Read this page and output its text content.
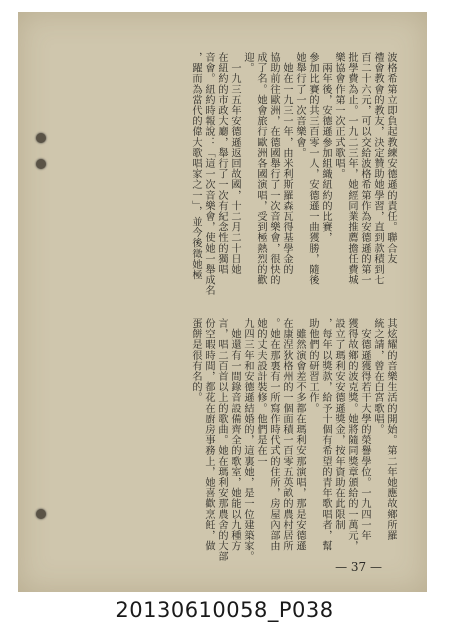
波格希第立即負起教練安德遜的責任。聯合友
禮會教會的教友，決定贊助她學習，直到款積到七
百二十六元，可以交給波格希第作為安德遜的第一
批學費為止。一九二三年，她經同業推薦擔任費城
樂協會作第一次正式歌唱。
　兩年後，安德遜參加組織紐約的比賽，
參加比賽的共三百零一人，安德遜一曲獲勝，隨後
她舉行了一次音樂會。
　她在一九三一年，由米利斯羅森瓦得基學金的
協助前往歐洲，在德國舉行了一次音樂會，很快的
成了名。她會旅行歐洲各國演唱，受到極熱烈的歡
迎。
　一九三五年安德遜返回故國，十二月二十日她
在紐約的市政大廳，舉行了一次有紀念性的獨唱
音會。紐約時報說：「這一次音樂會，使她一舉成名
，躍而為當代的偉大歌唱家之一」，並今後徵她極
其炫耀的音樂生活的開始。第二年她應故鄉所羅
統之請，曾在白宮歌唱。
　安德遜獲得若干大學的榮譽學位。一九四一年
獲得故鄉的波克獎。她將隨同獎章頒給的一萬元，
設立了瑪利安安德遜獎金，按年資助在此限制
，每年以獎款，給予十個有希望的青年歌唱者，幫
助他們的研習工作。
　雖然演會差不多都在瑪利安那演唱，那是安德遜
在康涅狄格州的一個面積一百零五英畝的農村居所
。她在那裏有一所寫作時代式的住所，房屋內部由
她的丈夫設計裝修。他們是在一
九四三年和安德遜結婚的，這裏她，是一位建築家。
　她還有一間錄音設備齊全的歌室，她能以九種方
言，唱二百首以上的歌曲。她在瑪利安那農舍的大部
份空暇時間，都花在廚房事務上，她喜歡烹飪，做
蛋餅是很有名的。
— 37 —
20130610058_P038
